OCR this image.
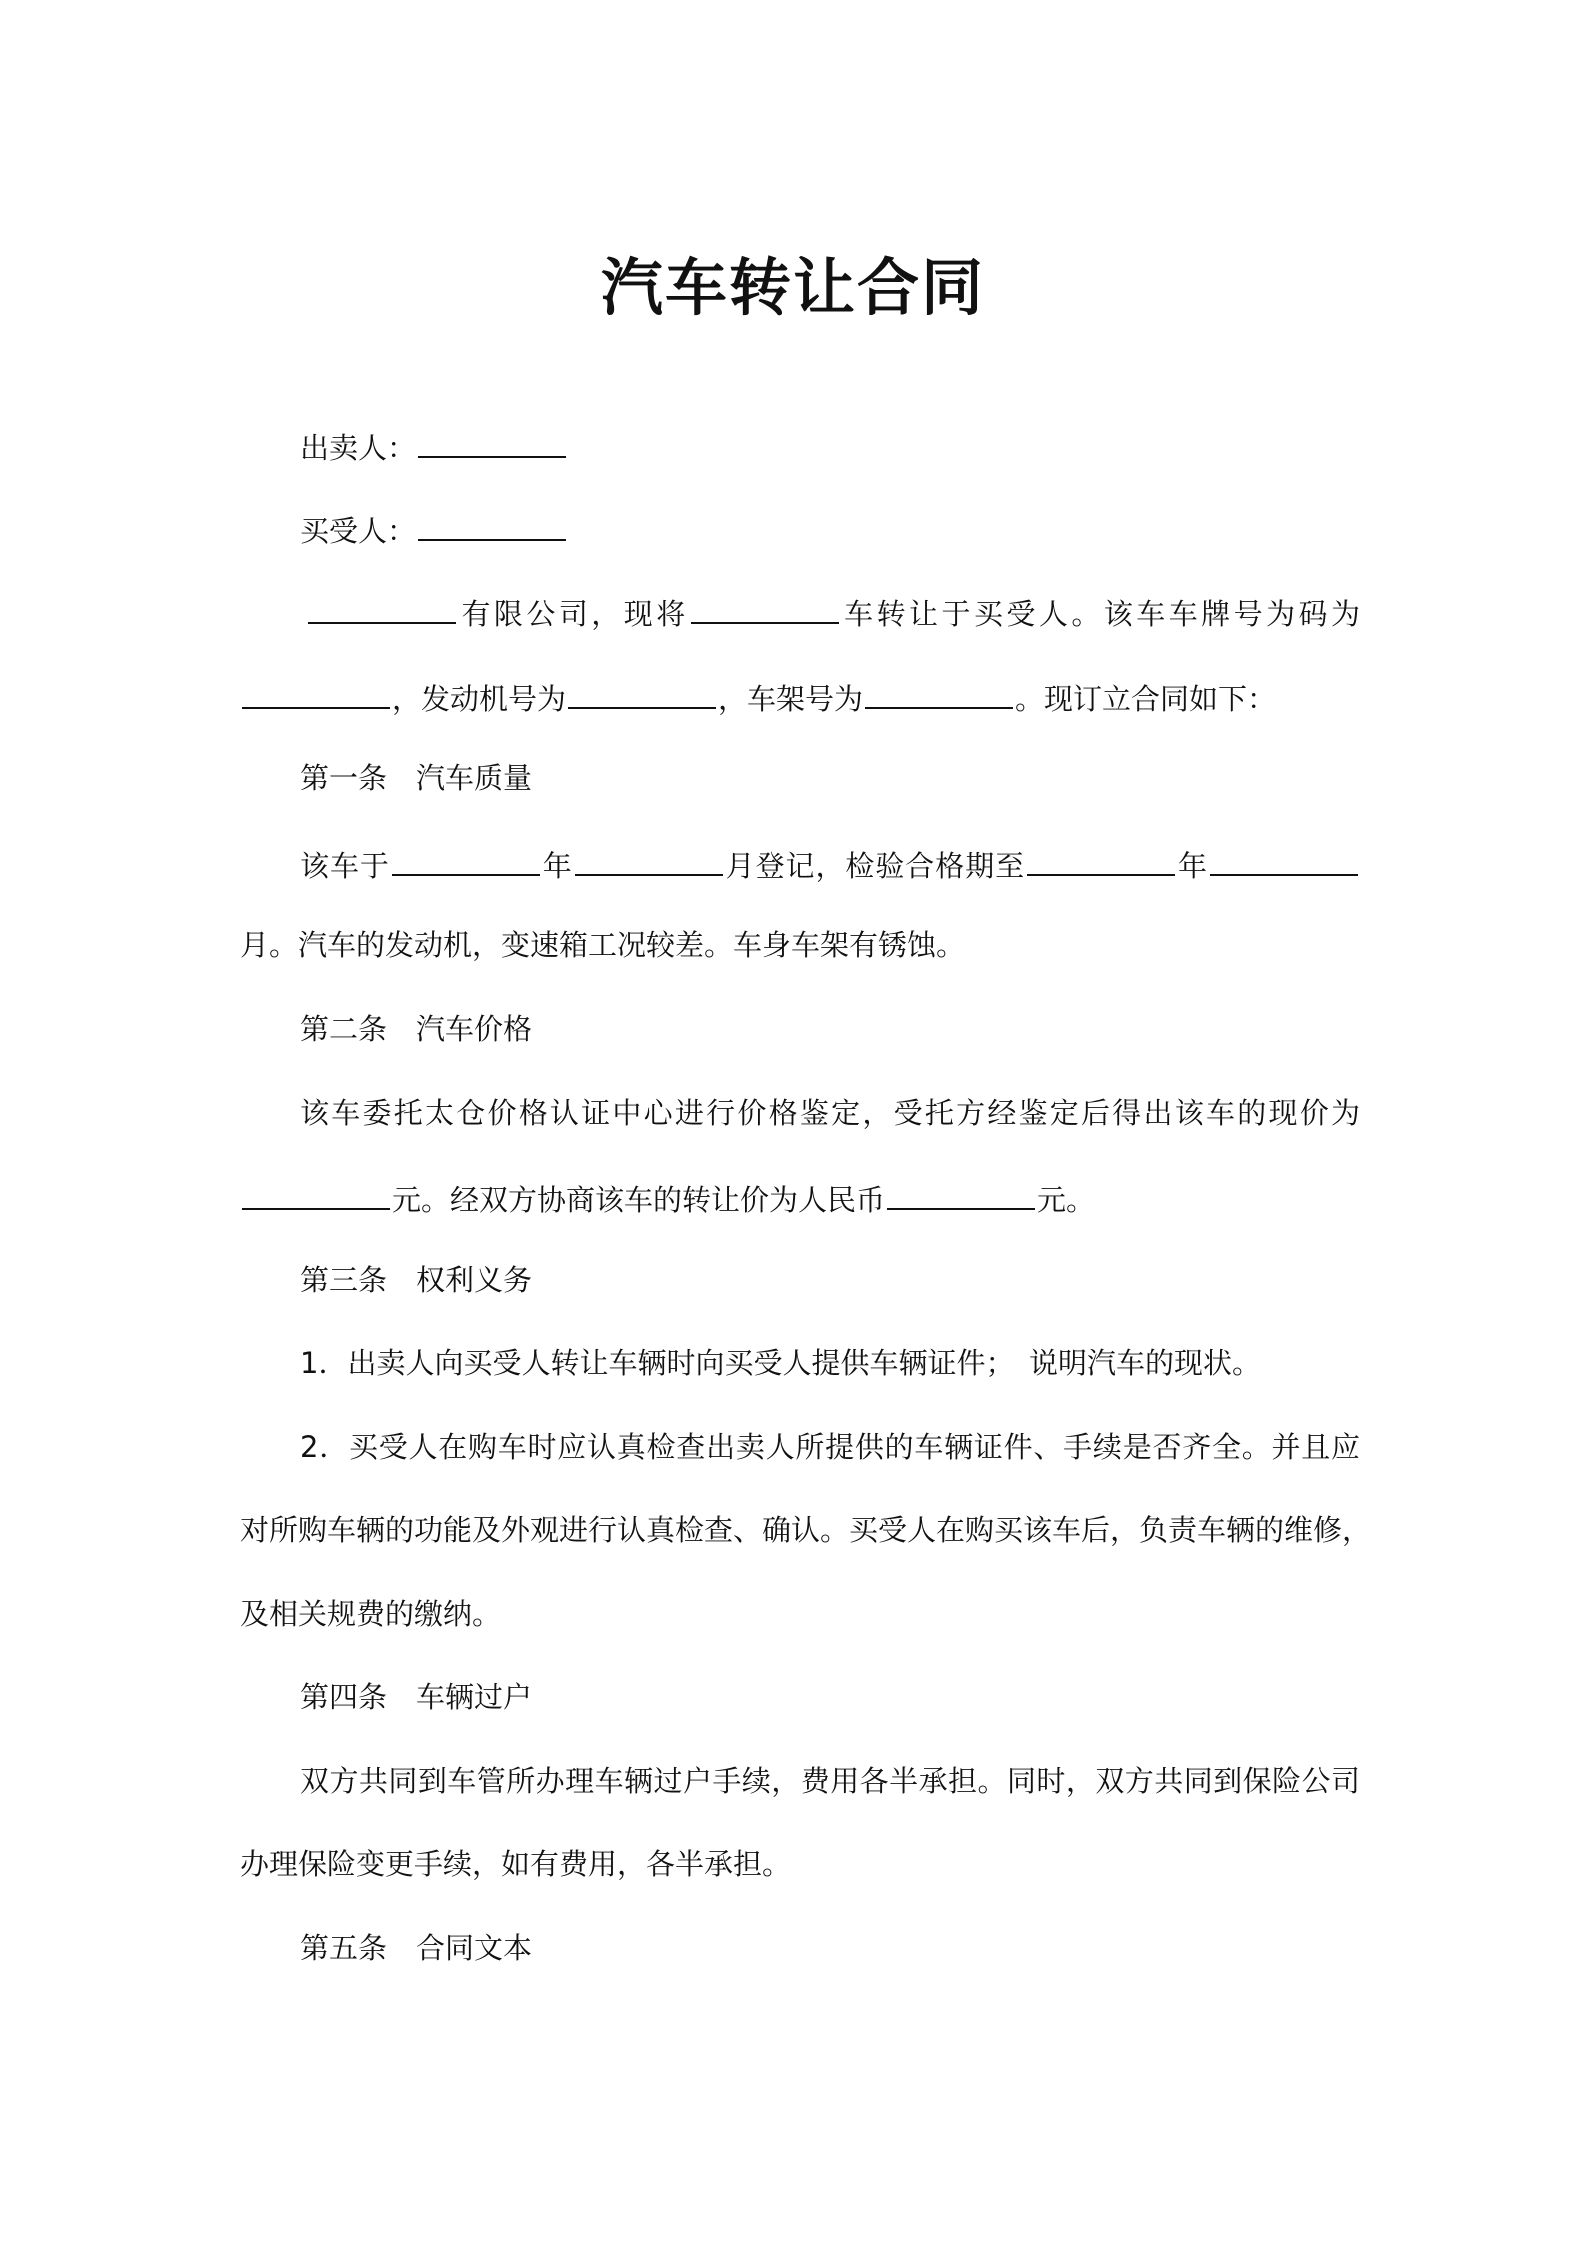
汽车转让合同
出卖人：
买受人：
有限公司，现将	车转让于买受人。该车车牌号为码为
，发动机号为	，车架号为	。现订立合同如下：
第一条　汽车质量
该车于	年	月登记，检验合格期至	年
月。汽车的发动机，变速箱工况较差。车身车架有锈蚀。
第二条　汽车价格
该车委托太仓价格认证中心进行价格鉴定，受托方经鉴定后得出该车的现价为
元。经双方协商该车的转让价为人民币	元。
第三条　权利义务
1．出卖人向买受人转让车辆时向买受人提供车辆证件；　说明汽车的现状。
2．买受人在购车时应认真检查出卖人所提供的车辆证件、手续是否齐全。并且应
对所购车辆的功能及外观进行认真检查、确认。买受人在购买该车后，负责车辆的维修，
及相关规费的缴纳。
第四条　车辆过户
双方共同到车管所办理车辆过户手续，费用各半承担。同时，双方共同到保险公司
办理保险变更手续，如有费用，各半承担。
第五条　合同文本
